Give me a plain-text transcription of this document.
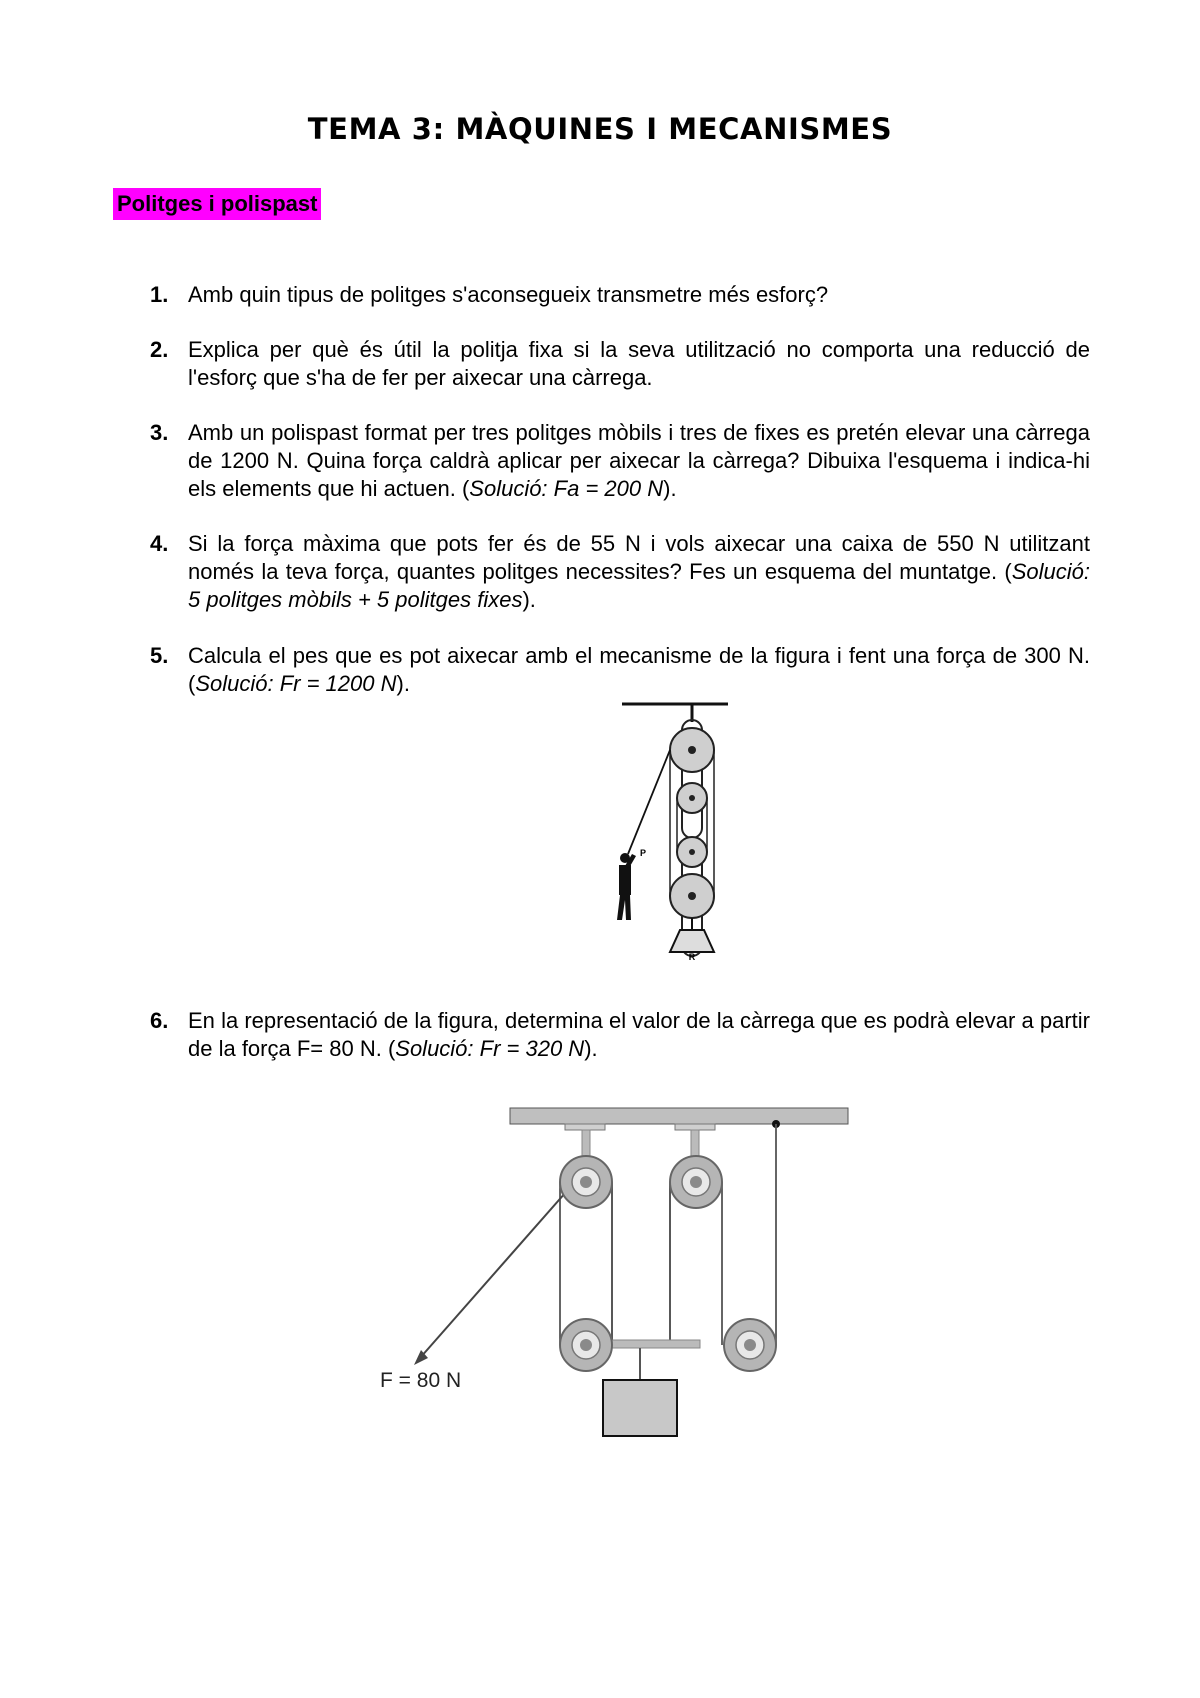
TEMA 3: MÀQUINES I MECANISMES
Politges i polispast
1. Amb quin tipus de politges s'aconsegueix transmetre més esforç?
2. Explica per què és útil la politja fixa si la seva utilització no comporta una reducció de l'esforç que s'ha de fer per aixecar una càrrega.
3. Amb un polispast format per tres politges mòbils i tres de fixes es pretén elevar una càrrega de 1200 N. Quina força caldrà aplicar per aixecar la càrrega? Dibuixa l'esquema i indica-hi els elements que hi actuen. (Solució: Fa = 200 N).
4. Si la força màxima que pots fer és de 55 N i vols aixecar una caixa de 550 N utilitzant només la teva força, quantes politges necessites? Fes un esquema del muntatge. (Solució: 5 politges mòbils + 5 politges fixes).
5. Calcula el pes que es pot aixecar amb el mecanisme de la figura i fent una força de 300 N. (Solució: Fr = 1200 N).
R
P
6. En la representació de la figura, determina el valor de la càrrega que es podrà elevar a partir de la força F= 80 N. (Solució: Fr = 320 N).
F = 80 N
